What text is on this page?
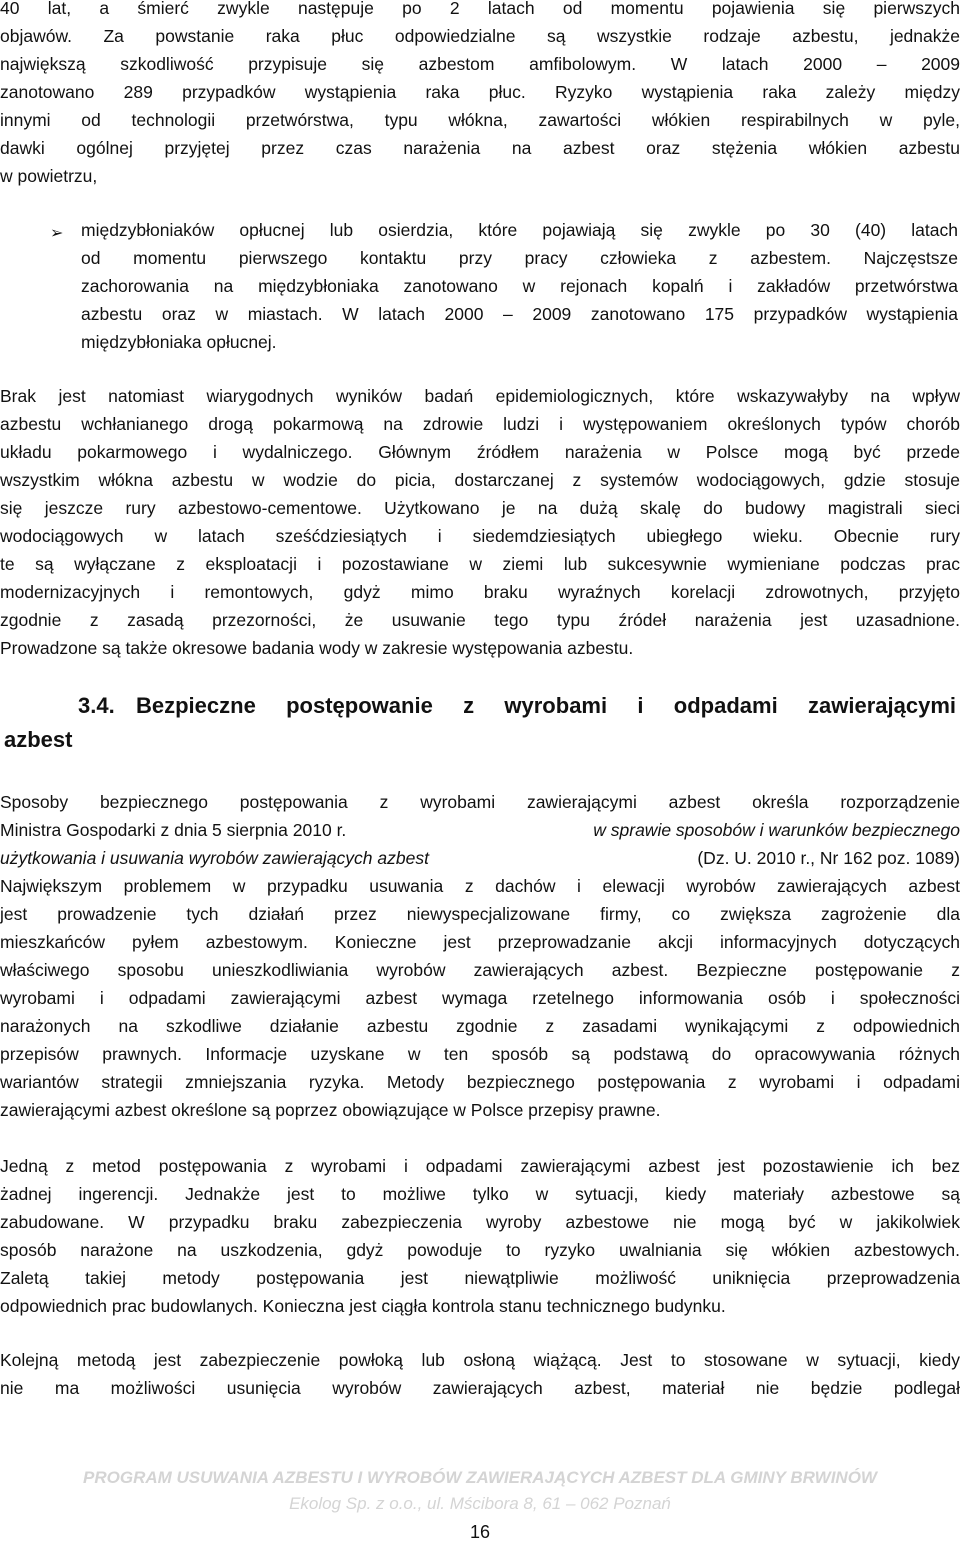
40 lat, a śmierć zwykle następuje po 2 latach od momentu pojawienia się pierwszych
objawów. Za powstanie raka płuc odpowiedzialne są wszystkie rodzaje azbestu, jednakże
największą szkodliwość przypisuje się azbestom amfibolowym. W latach 2000 – 2009
zanotowano 289 przypadków wystąpienia raka płuc. Ryzyko wystąpienia raka zależy między
innymi od technologii przetwórstwa, typu włókna, zawartości włókien respirabilnych w pyle,
dawki ogólnej przyjętej przez czas narażenia na azbest oraz stężenia włókien azbestu
w powietrzu,
➢ międzybłoniaków opłucnej lub osierdzia, które pojawiają się zwykle po 30 (40) latach
od momentu pierwszego kontaktu przy pracy człowieka z azbestem. Najczęstsze
zachorowania na międzybłoniaka zanotowano w rejonach kopalń i zakładów przetwórstwa
azbestu oraz w miastach. W latach 2000 – 2009 zanotowano 175 przypadków wystąpienia
międzybłoniaka opłucnej.
Brak jest natomiast wiarygodnych wyników badań epidemiologicznych, które wskazywałyby na wpływ
azbestu wchłanianego drogą pokarmową na zdrowie ludzi i występowaniem określonych typów chorób
układu pokarmowego i wydalniczego. Głównym źródłem narażenia w Polsce mogą być przede
wszystkim włókna azbestu w wodzie do picia, dostarczanej z systemów wodociągowych, gdzie stosuje
się jeszcze rury azbestowo-cementowe. Użytkowano je na dużą skalę do budowy magistrali sieci
wodociągowych w latach sześćdziesiątych i siedemdziesiątych ubiegłego wieku. Obecnie rury
te są wyłączane z eksploatacji i pozostawiane w ziemi lub sukcesywnie wymieniane podczas prac
modernizacyjnych i remontowych, gdyż mimo braku wyraźnych korelacji zdrowotnych, przyjęto
zgodnie z zasadą przezorności, że usuwanie tego typu źródeł narażenia jest uzasadnione.
Prowadzone są także okresowe badania wody w zakresie występowania azbestu.
3.4. Bezpieczne postępowanie z wyrobami i odpadami zawierającymi
azbest
Sposoby bezpiecznego postępowania z wyrobami zawierającymi azbest określa rozporządzenie
Ministra Gospodarki z dnia 5 sierpnia 2010 r.	w sprawie sposobów i warunków bezpiecznego
użytkowania i usuwania wyrobów zawierających azbest	(Dz. U. 2010 r., Nr 162 poz. 1089)
Największym problemem w przypadku usuwania z dachów i elewacji wyrobów zawierających azbest
jest prowadzenie tych działań przez niewyspecjalizowane firmy, co zwiększa zagrożenie dla
mieszkańców pyłem azbestowym. Konieczne jest przeprowadzanie akcji informacyjnych dotyczących
właściwego sposobu unieszkodliwiania wyrobów zawierających azbest. Bezpieczne postępowanie z
wyrobami i odpadami zawierającymi azbest wymaga rzetelnego informowania osób i społeczności
narażonych na szkodliwe działanie azbestu zgodnie z zasadami wynikającymi z odpowiednich
przepisów prawnych. Informacje uzyskane w ten sposób są podstawą do opracowywania różnych
wariantów strategii zmniejszania ryzyka. Metody bezpiecznego postępowania z wyrobami i odpadami
zawierającymi azbest określone są poprzez obowiązujące w Polsce przepisy prawne.
Jedną z metod postępowania z wyrobami i odpadami zawierającymi azbest jest pozostawienie ich bez
żadnej ingerencji. Jednakże jest to możliwe tylko w sytuacji, kiedy materiały azbestowe są
zabudowane. W przypadku braku zabezpieczenia wyroby azbestowe nie mogą być w jakikolwiek
sposób narażone na uszkodzenia, gdyż powoduje to ryzyko uwalniania się włókien azbestowych.
Zaletą takiej metody postępowania jest niewątpliwie możliwość uniknięcia przeprowadzenia
odpowiednich prac budowlanych. Konieczna jest ciągła kontrola stanu technicznego budynku.
Kolejną metodą jest zabezpieczenie powłoką lub osłoną wiążącą. Jest to stosowane w sytuacji, kiedy
nie ma możliwości usunięcia wyrobów zawierających azbest, materiał nie będzie podlegał
PROGRAM USUWANIA AZBESTU I WYROBÓW ZAWIERAJĄCYCH AZBEST DLA GMINY BRWINÓW
Ekolog Sp. z o.o., ul. Mścibora 8, 61 – 062 Poznań
16
